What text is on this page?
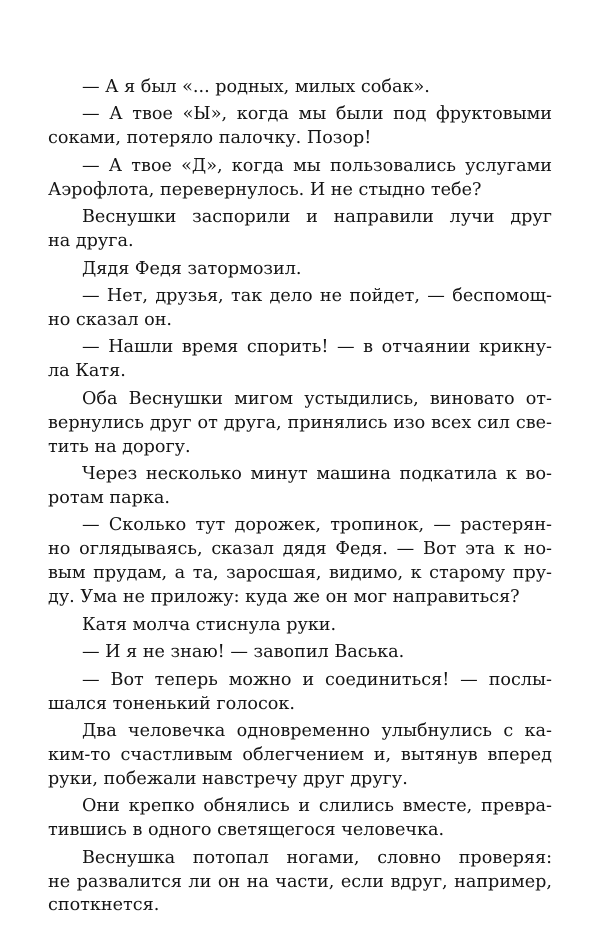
— А я был «... родных, милых собак».

— А твое «Ы», когда мы были под фруктовыми
соками, потеряло палочку. Позор!

— А твое «Д», когда мы пользовались услугами
Аэрофлота, перевернулось. И не стыдно тебе?

Веснушки заспорили и направили лучи друг
на друга.

Дядя Федя затормозил.

— Нет, друзья, так дело не пойдет, — беспомощ-
но сказал он.

— Нашли время спорить! — в отчаянии крикну-
ла Катя.

Оба Веснушки мигом устыдились, виновато от-
вернулись друг от друга, принялись изо всех сил све-
тить на дорогу.

Через несколько минут машина подкатила к во-
ротам парка.

— Сколько тут дорожек, тропинок, — растерян-
но оглядываясь, сказал дядя Федя. — Вот эта к но-
вым прудам, а та, заросшая, видимо, к старому пру-
ду. Ума не приложу: куда же он мог направиться?

Катя молча стиснула руки.

— И я не знаю! — завопил Васька.

— Вот теперь можно и соединиться! — послы-
шался тоненький голосок.

Два человечка одновременно улыбнулись с ка-
ким-то счастливым облегчением и, вытянув вперед
руки, побежали навстречу друг другу.

Они крепко обнялись и слились вместе, превра-
тившись в одного светящегося человечка.

Веснушка потопал ногами, словно проверяя:
не развалится ли он на части, если вдруг, например,
споткнется.
